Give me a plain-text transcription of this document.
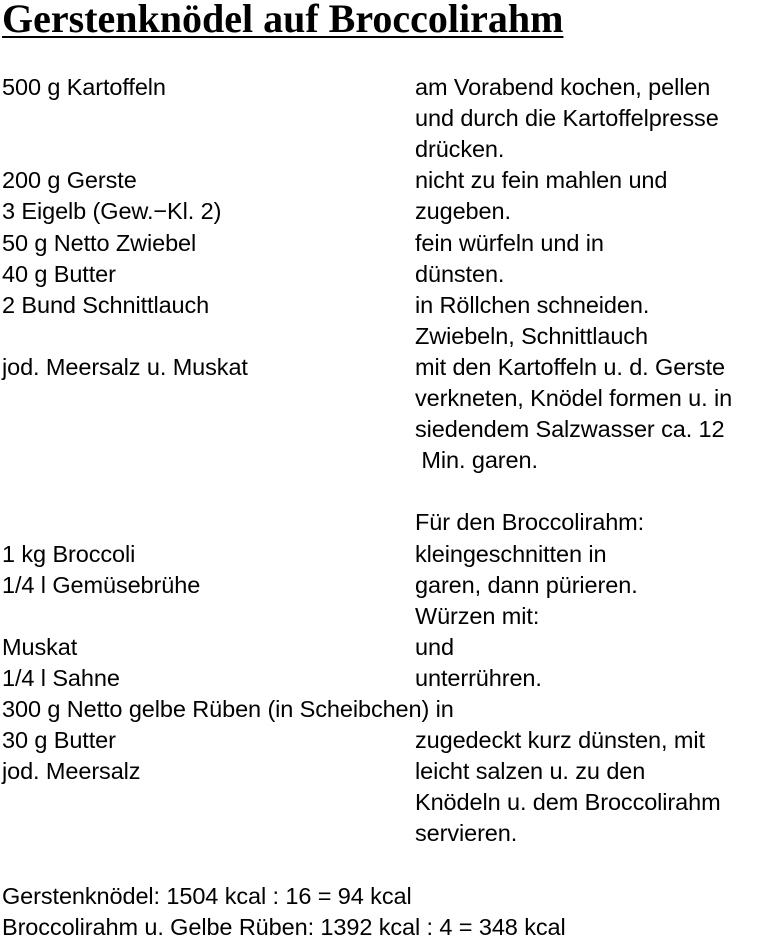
Gerstenknödel auf Broccolirahm
500 g Kartoffeln	am Vorabend kochen, pellen
und durch die Kartoffelpresse
drücken.
200 g Gerste	nicht zu fein mahlen und
3 Eigelb (Gew.−Kl. 2)	zugeben.
50 g Netto Zwiebel	fein würfeln und in
40 g Butter	dünsten.
2 Bund Schnittlauch	in Röllchen schneiden.
Zwiebeln, Schnittlauch
jod. Meersalz u. Muskat	mit den Kartoffeln u. d. Gerste
verkneten, Knödel formen u. in
siedendem Salzwasser ca. 12
Min. garen.
Für den Broccolirahm:
1 kg Broccoli	kleingeschnitten in
1/4 l Gemüsebrühe	garen, dann pürieren.
Würzen mit:
Muskat	und
1/4 l Sahne	unterrühren.
300 g Netto gelbe Rüben (in Scheibchen) in
30 g Butter	zugedeckt kurz dünsten, mit
jod. Meersalz	leicht salzen u. zu den
Knödeln u. dem Broccolirahm
servieren.
Gerstenknödel: 1504 kcal : 16 = 94 kcal
Broccolirahm u. Gelbe Rüben: 1392 kcal : 4 = 348 kcal
